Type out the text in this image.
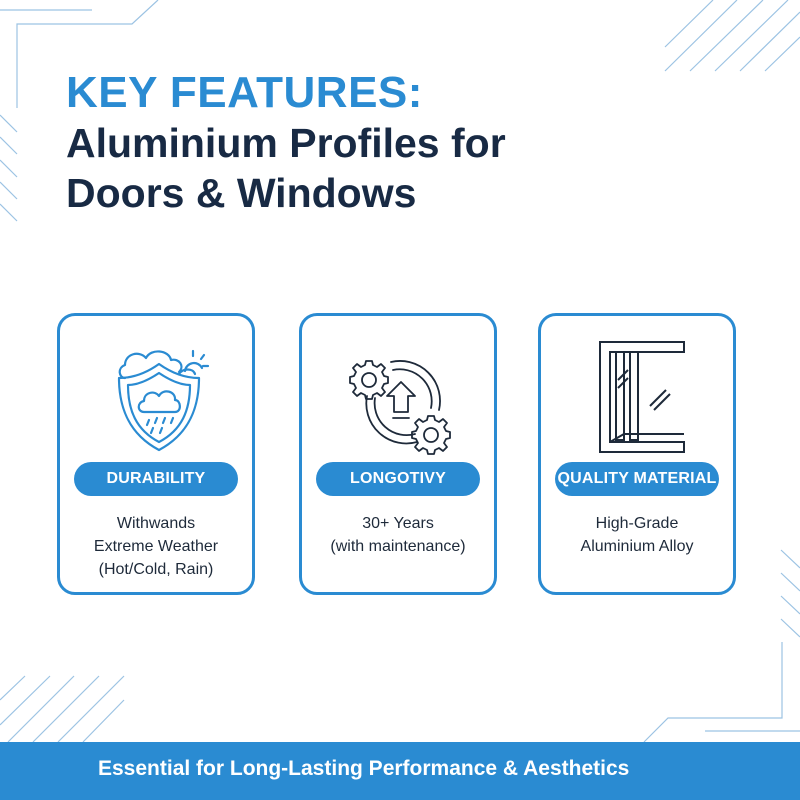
KEY FEATURES:
Aluminium Profiles for
Doors & Windows
DURABILITY
Withwands
Extreme Weather
(Hot/Cold, Rain)
LONGOTIVY
30+ Years
(with maintenance)
QUALITY MATERIAL
High-Grade
Aluminium Alloy
Essential for Long-Lasting Performance & Aesthetics
